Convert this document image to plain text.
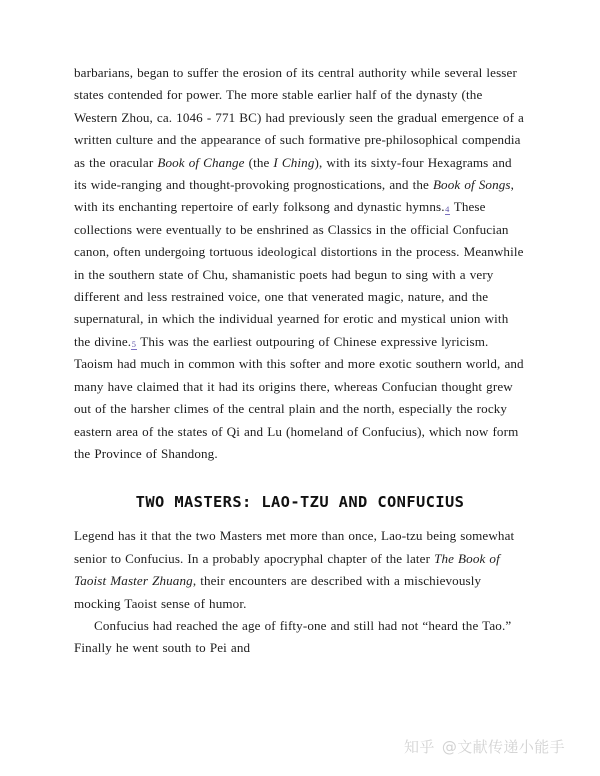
barbarians, began to suffer the erosion of its central authority while several lesser states contended for power. The more stable earlier half of the dynasty (the Western Zhou, ca. 1046 - 771 BC) had previously seen the gradual emergence of a written culture and the appearance of such formative pre-philosophical compendia as the oracular Book of Change (the I Ching), with its sixty-four Hexagrams and its wide-ranging and thought-provoking prognostications, and the Book of Songs, with its enchanting repertoire of early folksong and dynastic hymns.4 These collections were eventually to be enshrined as Classics in the official Confucian canon, often undergoing tortuous ideological distortions in the process. Meanwhile in the southern state of Chu, shamanistic poets had begun to sing with a very different and less restrained voice, one that venerated magic, nature, and the supernatural, in which the individual yearned for erotic and mystical union with the divine.5 This was the earliest outpouring of Chinese expressive lyricism. Taoism had much in common with this softer and more exotic southern world, and many have claimed that it had its origins there, whereas Confucian thought grew out of the harsher climes of the central plain and the north, especially the rocky eastern area of the states of Qi and Lu (homeland of Confucius), which now form the Province of Shandong.

TWO MASTERS: LAO-TZU AND CONFUCIUS

Legend has it that the two Masters met more than once, Lao-tzu being somewhat senior to Confucius. In a probably apocryphal chapter of the later The Book of Taoist Master Zhuang, their encounters are described with a mischievously mocking Taoist sense of humor.

Confucius had reached the age of fifty-one and still had not “heard the Tao.” Finally he went south to Pei and

知乎 @文献传递小能手
